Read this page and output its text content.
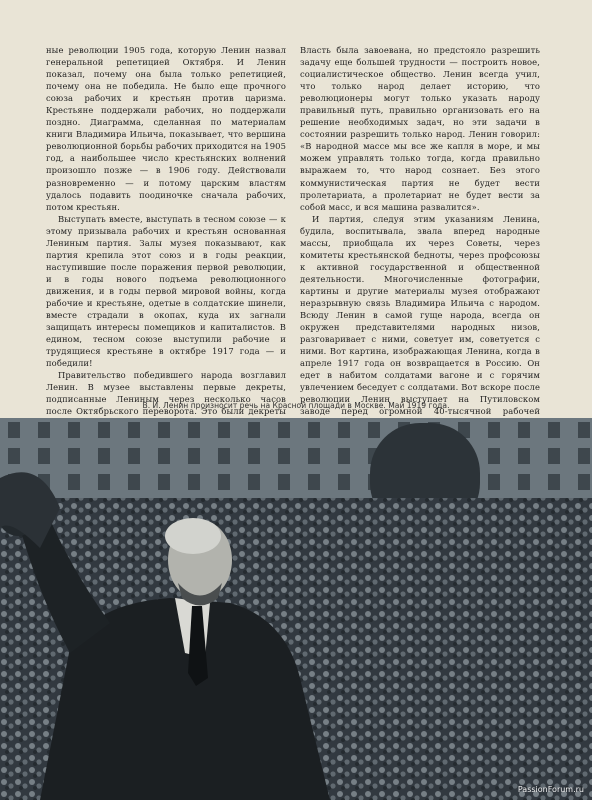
ные революции 1905 года, которую Ленин назвал генеральной репетицией Октября. И Ленин показал, почему она была только репетицией, почему она не победила. Не было еще прочного союза рабочих и крестьян против царизма. Крестьяне поддержали рабочих, но поддержали поздно. Диаграмма, сделанная по материалам книги Владимира Ильича, показывает, что вершина революционной борьбы рабочих приходится на 1905 год, а наибольшее число крестьянских волнений произошло позже — в 1906 году. Действовали разновременно — и потому царским властям удалось подавить поодиночке сначала рабочих, потом крестьян.

Выступать вместе, выступать в тесном союзе — к этому призывала рабочих и крестьян основанная Лениным партия. Залы музея показывают, как партия крепила этот союз и в годы реакции, наступившие после поражения первой революции, и в годы нового подъема революционного движения, и в годы первой мировой войны, когда рабочие и крестьяне, одетые в солдатские шинели, вместе страдали в окопах, куда их загнали защищать интересы помещиков и капиталистов. В едином, тесном союзе выступили рабочие и трудящиеся крестьяне в октябре 1917 года — и победили!

Правительство победившего народа возглавил Ленин. В музее выставлены первые декреты, подписанные Лениным через несколько часов после Октябрьского переворота. Это были декреты

Власть была завоевана, но предстояло разрешить задачу еще большей трудности — построить новое, социалистическое общество. Ленин всегда учил, что только народ делает историю, что революционеры могут только указать народу правильный путь, правильно организовать его на решение необходимых задач, но эти задачи в состоянии разрешить только народ. Ленин говорил: «В народной массе мы все же капля в море, и мы можем управлять только тогда, когда правильно выражаем то, что народ сознает. Без этого коммунистическая партия не будет вести пролетариата, а пролетариат не будет вести за собой масс, и вся машина развалится».

И партия, следуя этим указаниям Ленина, будила, воспитывала, звала вперед народные массы, приобщала их через Советы, через комитеты крестьянской бедноты, через профсоюзы к активной государственной и общественной деятельности. Многочисленные фотографии, картины и другие материалы музея отображают неразрывную связь Владимира Ильича с народом. Всюду Ленин в самой гуще народа, всегда он окружен представителями народных низов, разговаривает с ними, советует им, советуется с ними. Вот картина, изображающая Ленина, когда в апреле 1917 года он возвращается в Россию. Он едет в набитом солдатами вагоне и с горячим увлечением беседует с солдатами. Вот вскоре после революции Ленин выступает на Путиловском заводе перед огромной 40-тысячной рабочей

В. И. Ленин произносит речь на Красной площади в Москве. Май 1919 года.
PassionForum.ru
